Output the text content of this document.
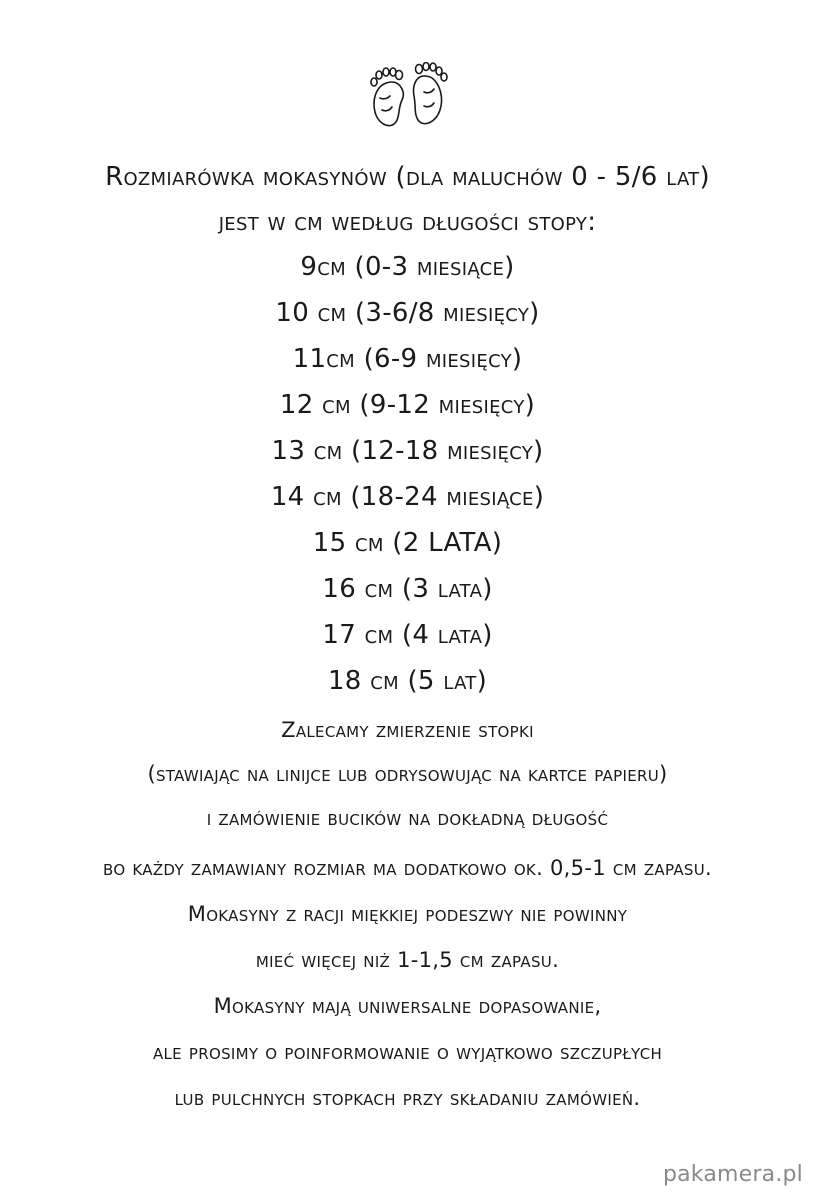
Rozmiarówka mokasynów (dla maluchów 0 - 5/6 lat)
jest w cm według długości stopy:
9cm (0-3 miesiące)
10 cm (3-6/8 miesięcy)
11cm (6-9 miesięcy)
12 cm (9-12 miesięcy)
13 cm (12-18 miesięcy)
14 cm (18-24 miesiące)
15 cm (2 LATA)
16 cm (3 lata)
17 cm (4 lata)
18 cm (5 lat)
Zalecamy zmierzenie stopki
(stawiając na linijce lub odrysowując na kartce papieru)
i zamówienie bucików na dokładną długość
bo każdy zamawiany rozmiar ma dodatkowo ok. 0,5-1 cm zapasu.
Mokasyny z racji miękkiej podeszwy nie powinny
mieć więcej niż 1-1,5 cm zapasu.
Mokasyny mają uniwersalne dopasowanie,
ale prosimy o poinformowanie o wyjątkowo szczupłych
lub pulchnych stopkach przy składaniu zamówień.
pakamera.pl
